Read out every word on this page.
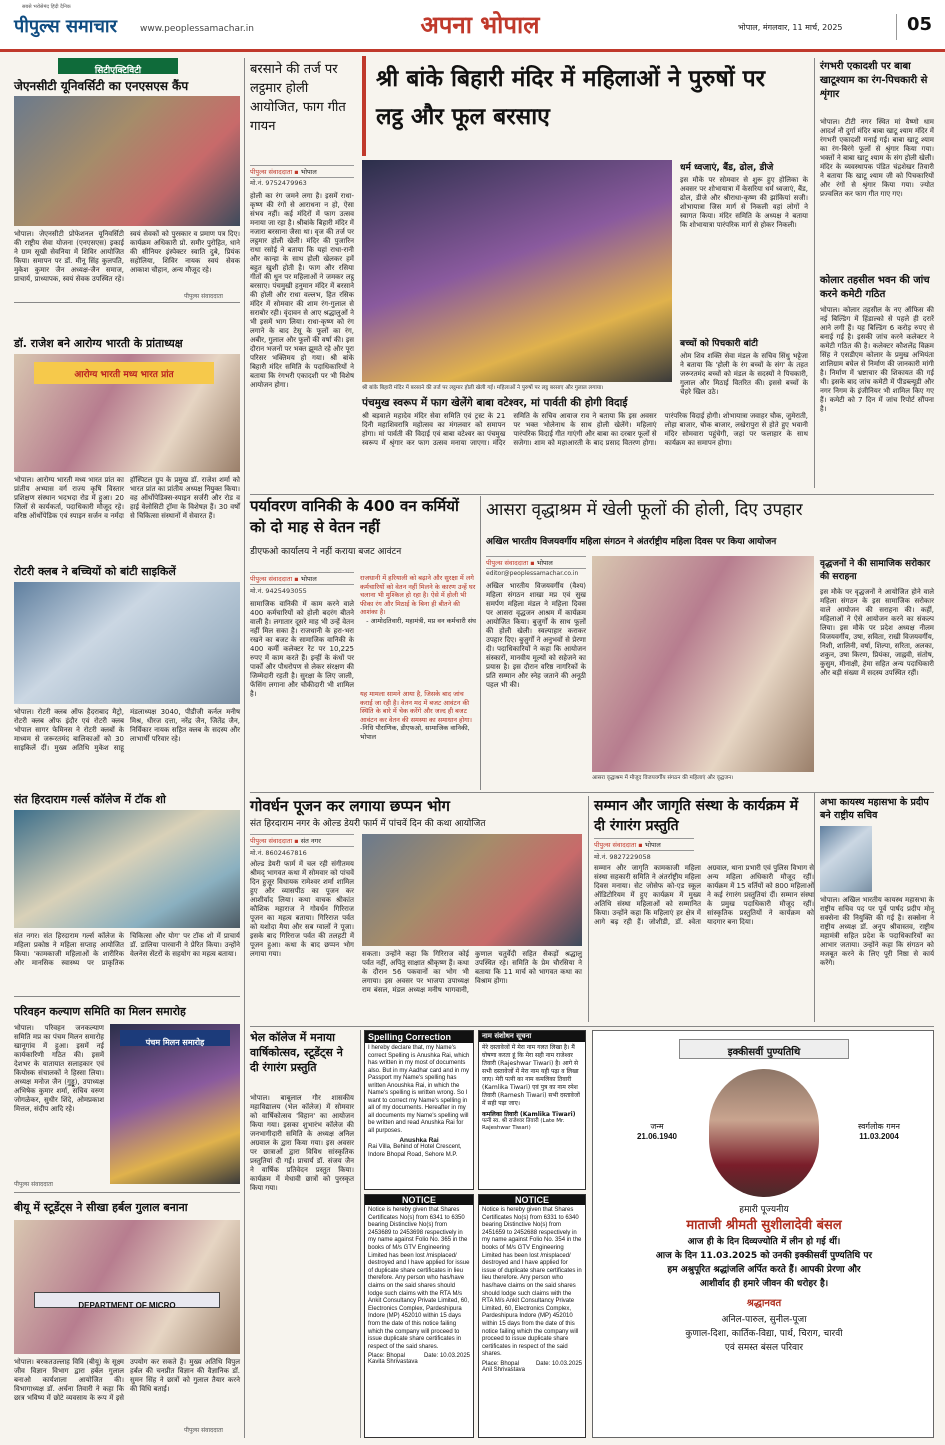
सबसे भरोसेमंद हिंदी दैनिक
पीपुल्स समाचार	www.peoplessamachar.in	अपना भोपाल	भोपाल, मंगलवार, 11 मार्च, 2025	05
सिटीएक्टिविटी
जेएनसीटी यूनिवर्सिटी का एनएसएस कैंप
भोपाल। जेएनसीटी प्रोफेशनल यूनिवर्सिटी की राष्ट्रीय सेवा योजना (एनएसएस) इकाई ने ग्राम सूखी सेवनिया में शिविर आयोजित किया। समापन पर डॉ. मीनू सिंह कुलपति, मुकेश कुमार जैन अध्यक्ष-जैन समाज, प्राचार्य, प्राध्यापक, स्वयं सेवक उपस्थित रहे। स्वयं सेवकों को पुरस्कार व प्रमाण पत्र दिए। कार्यक्रम अधिकारी प्रो. समीर पुरोहित, धाने की सीनियर इंस्पेक्टर स्वाति दुबे, प्रियंक सहोलिया, शिविर नायक स्वयं सेवक आकाश चौहान, अन्य मौजूद रहे।
पीपुल्स संवाददाता
डॉ. राजेश बने आरोग्य भारती के प्रांताध्यक्ष
आरोग्य भारती मध्य भारत प्रांत
भोपाल। आरोग्य भारती मध्य भारत प्रांत का प्रांतीय अभ्यास वर्ग राज्य कृषि विस्तार प्रशिक्षण संस्थान भदभदा रोड में हुआ। 20 जिलों से कार्यकर्ता, पदाधिकारी मौजूद रहे। वरिष्ठ ऑर्थोपेडिक एवं स्पाइन सर्जन व नर्मदा हॉस्पिटल ग्रुप के प्रमुख डॉ. राजेश शर्मा को भारत प्रांत का प्रांतीय अध्यक्ष नियुक्त किया। वह ऑर्थोपेडिक्स-स्पाइन सर्जरी और रोड व हाई वेलोसिटी ट्रॉमा के विशेषज्ञ हैं। 30 वर्षों से चिकित्सा संस्थानों में सेवारत हैं।
रोटरी क्लब ने बच्चियों को बांटी साइकिलें
भोपाल। रोटरी क्लब ऑफ हैदराबाद मैट्रो, रोटरी क्लब ऑफ इंदौर एवं रोटरी क्लब भोपाल सागर फेमिनस ने रोटरी क्लबों के माध्यम से जरूरतमंद बालिकाओं को 30 साइकिलें दीं। मुख्य अतिथि मुकेश साहू मंडलाध्यक्ष 3040, पीडीजी कर्नल मनीष मिश्र, धीरज दत्ता, नरेंद्र जैन, जितेंद्र जैन, निर्विकार नायक सहित क्लब के सदस्य और लाभार्थी परिवार रहे।
संत हिरदाराम गर्ल्स कॉलेज में टॉक शो
संत नगर। संत हिरदाराम गर्ल्स कॉलेज के महिला प्रकोष्ठ ने महिला सप्ताह आयोजित किया। 'कामकाजी महिलाओं के शारीरिक और मानसिक स्वास्थ्य पर प्राकृतिक चिकित्सा और योग' पर टॉक शो में प्राचार्य डॉ. डालिया पारवानी ने प्रेरित किया। उन्होंने वेलनेस सेंटरों के सहयोग का महत्व बताया।
परिवहन कल्याण समिति का मिलन समारोह
भोपाल। परिवहन जनकल्याण समिति मप्र का पंचम मिलन समारोह खानूगांव में हुआ। इसमें नई कार्यकारिणी गठित की। इसमें देशभर के यातायात सलाहकार एवं कियोस्क संचालकों ने हिस्सा लिया। अध्यक्ष मनोज जैन (गुड्डू), उपाध्यक्ष अभिषेक कुमार शर्मा, सचिव वरुण जोगळेकर, सुधीर शिंदे, ओमप्रकाश मित्तल, संदीप आदि रहे।
पंचम मिलन समारोह
पीपुल्स संवाददाता
बीयू में स्टूडेंट्स ने सीखा हर्बल गुलाल बनाना
DEPARTMENT OF MICRO
भोपाल। बरकतउल्लाह विवि (बीयू) के सूक्ष्म जीव विज्ञान विभाग द्वारा हर्बल गुलाल बनाओ कार्यशाला आयोजित की। विभागाध्यक्ष डॉ. अर्चना तिवारी ने कहा कि छात्र भविष्य में छोटे व्यवसाय के रूप में इसे उपयोग कर सकते हैं। मुख्य अतिथि विपुल हर्बल की चनप्रीत विज्ञान की वैज्ञानिक डॉ. सुमन सिंह ने छात्रों को गुलाल तैयार करने की विधि बताई।
पीपुल्स संवाददाता
बरसाने की तर्ज पर लट्ठमार होली आयोजित, फाग गीत गायन
पीपुल्स संवाददाता ▪ भोपाल
मो.नं. 9752479963
होली का रंग जमने लगा है। इसमें राधा-कृष्ण की रंगों से आराधना न हो, ऐसा संभव नहीं। कई मंदिरों में फाग उत्सव मनाया जा रहा है। श्रीबांके बिहारी मंदिर में नजारा बरसाना जैसा था। वृज की तर्ज पर लट्ठमार होली खेली। मंदिर की पुजारिन राधा रसोई ने बताया कि यहां राधा-रानी और कान्हा के साथ होली खेलकर हमें बहुत खुशी होती है। फाग और रसिया गीतों की धुन पर महिलाओं ने जमकर लट्ठ बरसाए। पंचमुखी हनुमान मंदिर में बरसाने की होली और राधा वल्लभ, हित रसिक मंदिर में सोमवार की शाम रंग-गुलाल से सराबोर रही। वृंदावन से आए श्रद्धालुओं ने भी इसमें भाग लिया। राधा-कृष्ण को रंग लगाने के बाद टेसू के फूलों का रंग, अबीर, गुलाल और फूलों की वर्षा की। इस दौरान भजनों पर भक्त झूमते रहे और पूरा परिसर भक्तिमय हो गया। श्री बांके बिहारी मंदिर समिति के पदाधिकारियों ने बताया कि रंगभरी एकादशी पर भी विशेष आयोजन होगा।
श्री बांके बिहारी मंदिर में महिलाओं ने पुरुषों पर लट्ठ और फूल बरसाए
श्री बांके बिहारी मंदिर में बरसाने की तर्ज पर लट्ठमार होली खेली गई। महिलाओं ने पुरुषों पर लट्ठ बरसाए और गुलाल लगाया।
धर्म ध्वजाएं, बैंड, ढोल, डीजे
इस मौके पर सोमवार से शुरू हुए होलिका के अवसर पर शोभायात्रा में केसरिया धर्म ध्वजाएं, बैंड, ढोल, डीजे और श्रीराधा-कृष्ण की झांकियां सजी। शोभायात्रा जिस मार्ग से निकली वहां लोगों ने स्वागत किया। मंदिर समिति के अध्यक्ष ने बताया कि शोभायात्रा पारंपरिक मार्ग से होकर निकली।
बच्चों को पिचकारी बांटी
ओम शिव शक्ति सेवा मंडल के सचिव सिंधु भट्टेजा ने बताया कि 'होली के रंग बच्चों के संग' के तहत जरूरतमंद बच्चों को मंडल के सदस्यों ने पिचकारी, गुलाल और मिठाई वितरित की। इससे बच्चों के चेहरे खिल उठे।
पंचमुख स्वरूप में फाग खेलेंगे बाबा वटेश्वर, मां पार्वती की होगी विदाई
श्री बड़वाले महादेव मंदिर सेवा समिति एवं ट्रस्ट के 21 दिनी महाशिवरात्रि महोत्सव का मंगलवार को समापन होगा। मां पार्वती की विदाई एवं बाबा वटेश्वर का पंचमुख स्वरूप में श्रृंगार कर फाग उत्सव मनाया जाएगा। मंदिर समिति के सचिव आवाज राव ने बताया कि इस अवसर पर भक्त भोलेनाथ के साथ होली खेलेंगे। महिलाएं पारंपरिक विदाई गीत गाएंगी और बाबा का दरबार फूलों से सजेगा। शाम को महाआरती के बाद प्रसाद वितरण होगा। पारंपरिक विदाई होगी। शोभायात्रा जवाहर चौक, जुमेराती, लोहा बाजार, चौक बाजार, लखेरापुरा से होते हुए भवानी मंदिर सोमवारा पहुंचेगी, जहां पर फलाहार के साथ कार्यक्रम का समापन होगा।
रंगभरी एकादशी पर बाबा खाटूश्याम का रंग-पिचकारी से शृंगार
भोपाल। टीटी नगर स्थित मां वैष्णो धाम आदर्श नौ दुर्गा मंदिर बाबा खाटू श्याम मंदिर में रंगभरी एकादशी मनाई गई। बाबा खाटू श्याम का रंग-बिरंगे फूलों से श्रृंगार किया गया। भक्तों ने बाबा खाटू श्याम के संग होली खेली। मंदिर के व्यवस्थापक पंडित चंद्रशेखर तिवारी ने बताया कि खाटू श्याम जी को पिचकारियों और रंगों से श्रृंगार किया गया। ज्योत प्रज्वलित कर फाग गीत गाए गए।
कोलार तहसील भवन की जांच करने कमेटी गठित
भोपाल। कोलार तहसील के नए ऑफिस की नई बिल्डिंग में हिंडाल्को से पहले ही दरारें आने लगी हैं। यह बिल्डिंग 6 करोड़ रुपए से बनाई गई है। इसकी जांच करने कलेक्टर ने कमेटी गठित की है। कलेक्टर कौशलेंद्र विक्रम सिंह ने एसडीएम कोलार के प्रमुख अभियंता शालिग्राम बघेल से निर्माण की जानकारी मांगी है। निर्माण में भ्रष्टाचार की शिकायत की गई थी। इसके बाद जांच कमेटी में पीडब्ल्यूडी और नगर निगम के इंजीनियर भी शामिल किए गए हैं। कमेटी को 7 दिन में जांच रिपोर्ट सौंपना है।
पर्यावरण वानिकी के 400 वन कर्मियों को दो माह से वेतन नहीं
डीएफओ कार्यालय ने नहीं कराया बजट आवंटन
पीपुल्स संवाददाता ▪ भोपाल
मो.नं. 9425493055
सामाजिक वानिकी में काम करने वाले 400 कर्मचारियों को होली बदरंग बीतने वाली है। लगातार दूसरे माह भी उन्हें वेतन नहीं मिल सका है। राजधानी के हरा-भरा रखने का बजट के सामाजिक वानिकी के 400 कर्मी कलेक्टर रेट पर 10,225 रुपए में काम करते हैं। इन्हीं के कंधों पर पार्कों और पौधरोपण से लेकर संरक्षण की जिम्मेदारी रहती है। सुरक्षा के लिए जाली, फेंसिंग लगाना और चौकीदारी भी शामिल है।
राजधानी में हरियाली को बढ़ाने और सुरक्षा में लगे कर्मचारियों को वेतन नहीं मिलने के कारण उन्हें घर चलाना भी मुश्किल हो रहा है। ऐसे में होली भी फीका रंग और मिठाई के बिना ही बीतने की आशंका है।
- आमोदतिवारी, महामंत्री, मप्र वन कर्मचारी संघ
यह मामला सामने आया है, जिसके बाद जांच कराई जा रही है। वेतन मद में बजट आवंटन की स्थिति के बारे में चेक करेंगे और जल्द ही बजट आवंटन कर वेतन की समस्या का समाधान होगा।
-निधि पौराणिक, डीएफओ, सामाजिक वानिकी, भोपाल
आसरा वृद्धाश्रम में खेली फूलों की होली, दिए उपहार
अखिल भारतीय विजयवर्गीय महिला संगठन ने अंतर्राष्ट्रीय महिला दिवस पर किया आयोजन
पीपुल्स संवाददाता ▪ भोपाल
editor@peoplessamachar.co.in
अखिल भारतीय विजयवर्गीय (वैश्य) महिला संगठन शाखा मप्र एवं सुख समर्पण महिला मंडल ने महिला दिवस पर आसरा वृद्धजन आश्रम में कार्यक्रम आयोजित किया। बुजुर्गों के साथ फूलों की होली खेली। स्वल्पाहार कराकर उपहार दिए। बुजुर्गों ने अनुभवों से प्रेरणा दी। पदाधिकारियों ने कहा कि आयोजन संस्कारों, मानवीय मूल्यों को सहेजने का प्रयास है। इस दौरान वरिष्ठ नागरिकों के प्रति सम्मान और स्नेह जताने की अनूठी पहल भी की।
आसरा वृद्धाश्रम में मौजूद विजयवर्गीय संगठन की महिलाएं और वृद्धजन।
वृद्धजनों ने की सामाजिक सरोकार की सराहना
इस मौके पर वृद्धजनों ने आयोजित होने वाले महिला संगठन के इस सामाजिक सरोकार वाले आयोजन की सराहना की। कहीं, महिलाओं ने ऐसे आयोजन करने का संकल्प लिया। इस मौके पर प्रदेश अध्यक्ष नीलम विजयवर्गीय, उषा, सविता, राखी विजयवर्गीय, निशी, शालिनी, वर्षा, शिल्पा, सरिता, अलका, शकुन, उषा किरण, प्रियंका, जाह्नवी, संतोष, कुसुम, मीनाक्षी, हेमा सहित अन्य पदाधिकारी और बड़ी संख्या में सदस्य उपस्थित रहीं।
गोवर्धन पूजन कर लगाया छप्पन भोग
संत हिरदाराम नगर के ओल्ड डेयरी फार्म में पांचवें दिन की कथा आयोजित
पीपुल्स संवाददाता ▪ संत नगर
मो.नं. 8602467816
ओल्ड डेयरी फार्म में चल रही संगीतमय श्रीमद् भागवत कथा में सोमवार को पांचवें दिन हुजूर विधायक रामेश्वर शर्मा शामिल हुए और व्यासपीठ का पूजन कर आशीर्वाद लिया। कथा वाचक श्रीकांत कौशिक महाराज ने गोवर्धन गिरिराज पूजन का महत्व बताया। गिरिराज पर्वत को यशोदा मैया और सब ग्वालों ने पूजा। इसके बाद गिरिराज पर्वत की तलहटी में पूजन हुआ। कथा के बाद छप्पन भोग लगाया गया।	सकता। उन्होंने कहा कि गिरिराज कोई पर्वत नहीं, अपितु साक्षात श्रीकृष्ण हैं। कथा के दौरान 56 पकवानों का भोग भी लगाया। इस अवसर पर भाजपा उपाध्यक्ष राम बंसल, मंडल अध्यक्ष मनीष भागवानी, कुणाल चतुर्वेदी सहित सैकड़ों श्रद्धालु उपस्थित रहे। समिति के प्रेम चौरसिया ने बताया कि 11 मार्च को भागवत कथा का विश्राम होगा।
सम्मान और जागृति संस्था के कार्यक्रम में दी रंगारंग प्रस्तुति
पीपुल्स संवाददाता ▪ भोपाल
मो.नं. 9827229058
सम्मान और जागृति कामकाजी महिला संस्था सहकारी समिति ने अंतर्राष्ट्रीय महिला दिवस मनाया। सेट जोसेफ को-एड स्कूल ऑडिटोरियम में हुए कार्यक्रम में मुख्य अतिथि संस्था महिलाओं को सम्मानित किया। उन्होंने कहा कि महिलाएं हर क्षेत्र में आगे बढ़ रही हैं। जोशीडी, डॉ. श्वेता अग्रवाल, थाना प्रभारी एवं पुलिस विभाग से अन्य महिला अधिकारी मौजूद रहीं। कार्यक्रम में 15 वर्तियों को 800 महिलाओं ने कई रंगारंग प्रस्तुतियां दीं। सम्मान संस्था के प्रमुख पदाधिकारी मौजूद रहीं। सांस्कृतिक प्रस्तुतियों ने कार्यक्रम को यादगार बना दिया।
अभा कायस्थ महासभा के प्रदीप बने राष्ट्रीय सचिव
भोपाल। अखिल भारतीय कायस्थ महासभा के राष्ट्रीय सचिव पद पर पूर्व पार्षद प्रदीप मोनू सक्सेना की नियुक्ति की गई है। सक्सेना ने राष्ट्रीय अध्यक्ष डॉ. अनूप श्रीवास्तव, राष्ट्रीय महामंत्री सहित प्रदेश के पदाधिकारियों का आभार जताया। उन्होंने कहा कि संगठन को मजबूत करने के लिए पूरी निष्ठा से कार्य करेंगे।
भेल कॉलेज में मनाया वार्षिकोत्सव, स्टूडेंट्स ने दी रंगारंग प्रस्तुति
भोपाल। बाबूलाल गौर शासकीय महाविद्यालय (भेल कॉलेज) में सोमवार को वार्षिकोत्सव 'विहान' का आयोजन किया गया। इसका शुभारंभ कॉलेज की जनभागीदारी समिति के अध्यक्ष अनिल अग्रवाल के द्वारा किया गया। इस अवसर पर छात्राओं द्वारा विविध सांस्कृतिक प्रस्तुतियां दी गईं। प्राचार्य डॉ. संजय जैन ने वार्षिक प्रतिवेदन प्रस्तुत किया। कार्यक्रम में मेधावी छात्रों को पुरस्कृत किया गया।
Spelling Correction
I hereby declare that, my Name's correct Spelling is Anushka Rai, which has written in my most of documents also. But in my Aadhar card and in my Passport my Name's spelling has written Anoushka Rai, in which the Name's spelling is written wrong. So I want to correct my Name's spelling in all of my documents. Hereafter in my all documents my Name's spelling will be written and read Anushka Rai for all purposes.
Anushka Rai
Rai Villa, Behind of Hotel Crescent, Indore Bhopal Road, Sehore M.P.
नाम संशोधन सूचना
मेरे दस्तावेजों में मेरा नाम गलत लिखा है। मैं घोषणा करता हूं कि मेरा सही नाम राजेश्वर तिवारी (Rajeshwar Tiwari) है। आगे से सभी दस्तावेजों में मेरा नाम यही पढ़ा व लिखा जाए। मेरी पत्नी का नाम कमलिका तिवारी (Kamlika Tiwari) एवं पुत्र का नाम रमेश तिवारी (Ramesh Tiwari) सभी दस्तावेजों में सही पढ़ा जाए।
कमलिका तिवारी (Kamlika Tiwari)
पत्नी स्व. श्री राजेश्वर तिवारी (Late Mr. Rajeshwar Tiwari)
NOTICE
Notice is hereby given that Shares Certificates No(s) from 6341 to 6350 bearing Distinctive No(s) from 2453689 to 2453698 respectively in my name against Folio No. 365 in the books of M/s GTV Engineering Limited has been lost /misplaced/ destroyed and I have applied for issue of duplicate share certificates in lieu therefore. Any person who has/have claims on the said shares should lodge such claims with the RTA M/s Ankit Consultancy Private Limited, 60, Electronics Complex, Pardeshipura Indore (MP) 452010 within 15 days from the date of this notice failing which the company will proceed to issue duplicate share certificates in respect of the said shares.
Place: Bhopal	Date: 10.03.2025
Kavita Shrivastava
NOTICE
Notice is hereby given that Shares Certificates No(s) from 6331 to 6340 bearing Distinctive No(s) from 2451659 to 2452688 respectively in my name against Folio No. 354 in the books of M/s GTV Engineering Limited has been lost /misplaced/ destroyed and I have applied for issue of duplicate share certificates in lieu therefore. Any person who has/have claims on the said shares should lodge such claims with the RTA M/s Ankit Consultancy Private Limited, 60, Electronics Complex, Pardeshipura Indore (MP) 452010 within 15 days from the date of this notice failing which the company will proceed to issue duplicate share certificates in respect of the said shares.
Place: Bhopal	Date: 10.03.2025
Anil Shrivastava
इक्कीसवीं पुण्यतिथि
जन्म
21.06.1940
स्वर्गलोक गमन
11.03.2004
हमारी पूज्यनीय
माताजी श्रीमती सुशीलादेवी बंसल
आज ही के दिन दिव्यज्योति में लीन हो गई थीं।
आज के दिन 11.03.2025 को उनकी इक्कीसवीं पुण्यतिथि पर
हम अश्रुपूरित श्रद्धांजलि अर्पित करते हैं। आपकी प्रेरणा और
आशीर्वाद ही हमारे जीवन की धरोहर है।
श्रद्धानवत
अनिल-पारुल, सुनील-पूजा
कुणाल-दिशा, कार्तिक-विद्या, पार्थ, चिराग, चारवी
एवं समस्त बंसल परिवार
